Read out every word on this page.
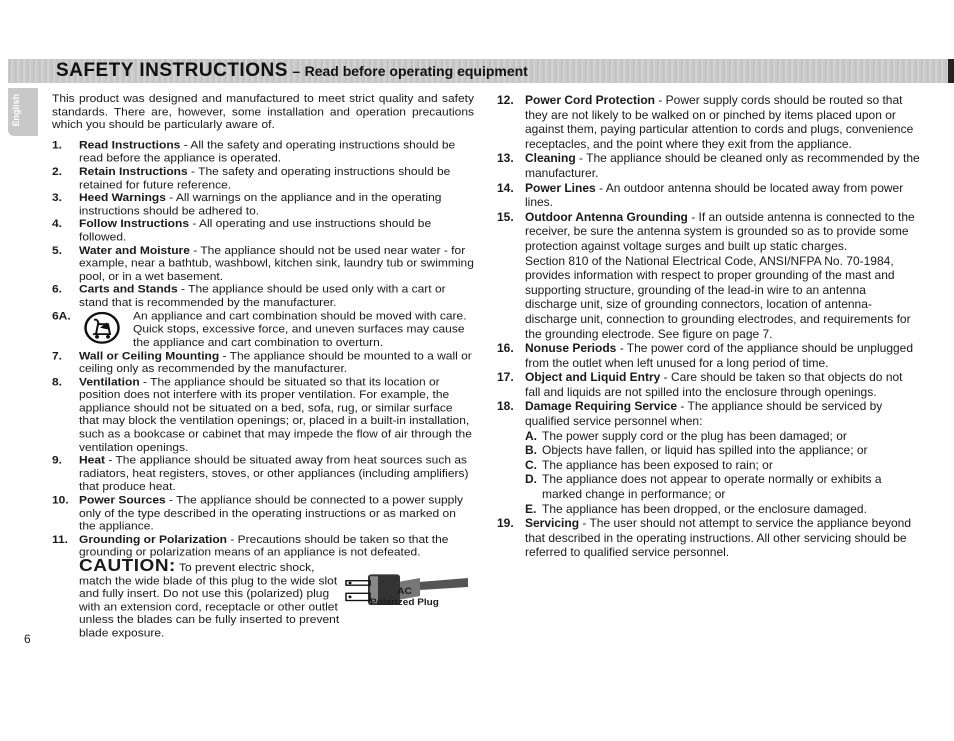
SAFETY INSTRUCTIONS – Read before operating equipment
English	This product was designed and manufactured to meet strict quality and safety standards. There are, however, some installation and operation precautions which you should be particularly aware of.

1. Read Instructions - All the safety and operating instructions should be read before the appliance is operated.
2. Retain Instructions - The safety and operating instructions should be retained for future reference.
3. Heed Warnings - All warnings on the appliance and in the operating instructions should be adhered to.
4. Follow Instructions - All operating and use instructions should be followed.
5. Water and Moisture - The appliance should not be used near water - for example, near a bathtub, washbowl, kitchen sink, laundry tub or swimming pool, or in a wet basement.
6. Carts and Stands - The appliance should be used only with a cart or stand that is recommended by the manufacturer.
6A.	An appliance and cart combination should be moved with care. Quick stops, excessive force, and uneven surfaces may cause the appliance and cart combination to overturn.
7. Wall or Ceiling Mounting - The appliance should be mounted to a wall or ceiling only as recommended by the manufacturer.
8. Ventilation - The appliance should be situated so that its location or position does not interfere with its proper ventilation. For example, the appliance should not be situated on a bed, sofa, rug, or similar surface that may block the ventilation openings; or, placed in a built-in installation, such as a bookcase or cabinet that may impede the flow of air through the ventilation openings.
9. Heat - The appliance should be situated away from heat sources such as radiators, heat registers, stoves, or other appliances (including amplifiers) that produce heat.
10. Power Sources - The appliance should be connected to a power supply only of the type described in the operating instructions or as marked on the appliance.
11. Grounding or Polarization - Precautions should be taken so that the grounding or polarization means of an appliance is not defeated.
CAUTION: To prevent electric shock, match the wide blade of this plug to the wide slot and fully insert. Do not use this (polarized) plug with an extension cord, receptacle or other outlet unless the blades can be fully inserted to prevent blade exposure.
AC
Polarized Plug
12. Power Cord Protection - Power supply cords should be routed so that they are not likely to be walked on or pinched by items placed upon or against them, paying particular attention to cords and plugs, convenience receptacles, and the point where they exit from the appliance.
13. Cleaning - The appliance should be cleaned only as recommended by the manufacturer.
14. Power Lines - An outdoor antenna should be located away from power lines.
15. Outdoor Antenna Grounding - If an outside antenna is connected to the receiver, be sure the antenna system is grounded so as to provide some protection against voltage surges and built up static charges.

Section 810 of the National Electrical Code, ANSI/NFPA No. 70-1984, provides information with respect to proper grounding of the mast and supporting structure, grounding of the lead-in wire to an antenna discharge unit, size of grounding connectors, location of antenna-discharge unit, connection to grounding electrodes, and requirements for the grounding electrode. See figure on page 7.

16. Nonuse Periods - The power cord of the appliance should be unplugged from the outlet when left unused for a long period of time.
17. Object and Liquid Entry - Care should be taken so that objects do not fall and liquids are not spilled into the enclosure through openings.
18. Damage Requiring Service - The appliance should be serviced by qualified service personnel when:
A. The power supply cord or the plug has been damaged; or
B. Objects have fallen, or liquid has spilled into the appliance; or
C. The appliance has been exposed to rain; or
D. The appliance does not appear to operate normally or exhibits a marked change in performance; or
E. The appliance has been dropped, or the enclosure damaged.
19. Servicing - The user should not attempt to service the appliance beyond that described in the operating instructions. All other servicing should be referred to qualified service personnel.
6
